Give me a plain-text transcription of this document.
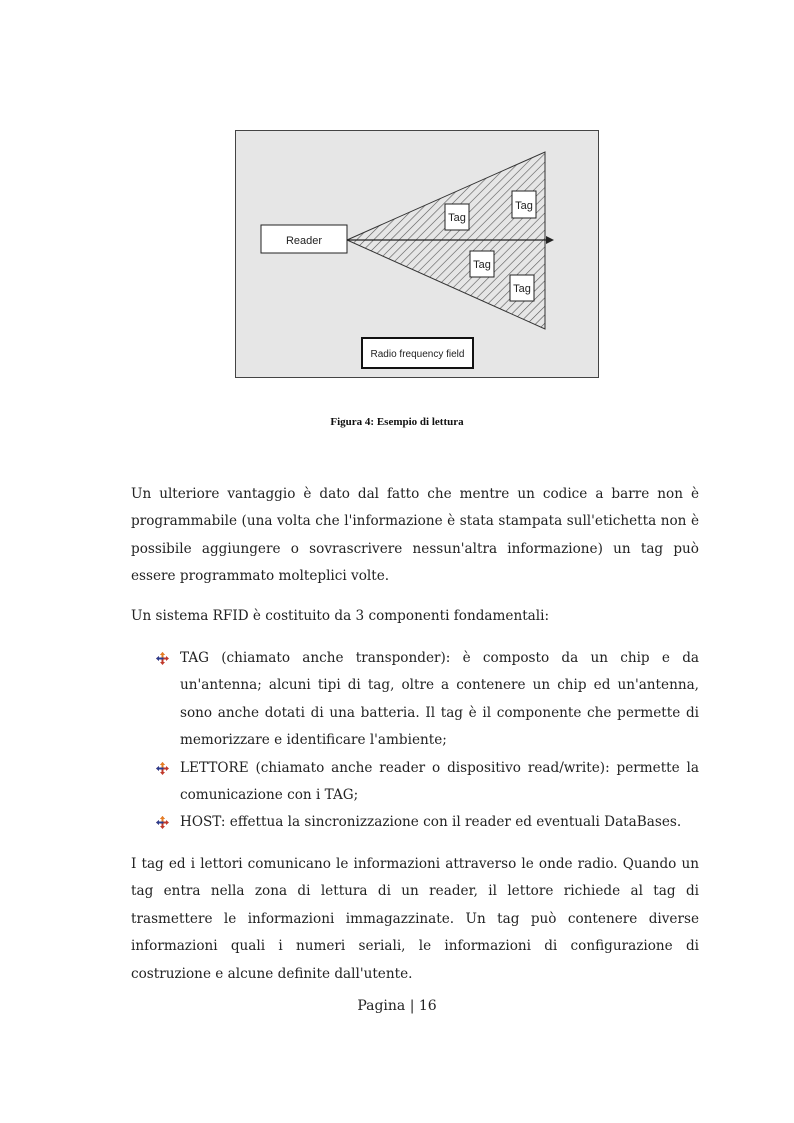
Reader
Tag
Tag
Tag
Tag
Radio frequency field
Figura 4: Esempio di lettura

Un ulteriore vantaggio è dato dal fatto che mentre un codice a barre non è programmabile (una volta che l'informazione è stata stampata sull'etichetta non è possibile aggiungere o sovrascrivere nessun'altra informazione) un tag può essere programmato molteplici volte.

Un sistema RFID è costituito da 3 componenti fondamentali:

TAG (chiamato anche transponder): è composto da un chip e da un'antenna; alcuni tipi di tag, oltre a contenere un chip ed un'antenna, sono anche dotati di una batteria. Il tag è il componente che permette di memorizzare e identificare l'ambiente;
LETTORE (chiamato anche reader o dispositivo read/write): permette la comunicazione con i TAG;
HOST: effettua la sincronizzazione con il reader ed eventuali DataBases.

I tag ed i lettori comunicano le informazioni attraverso le onde radio. Quando un tag entra nella zona di lettura di un reader, il lettore richiede al tag di trasmettere le informazioni immagazzinate. Un tag può contenere diverse informazioni quali i numeri seriali, le informazioni di configurazione di costruzione e alcune definite dall'utente.

Pagina | 16
